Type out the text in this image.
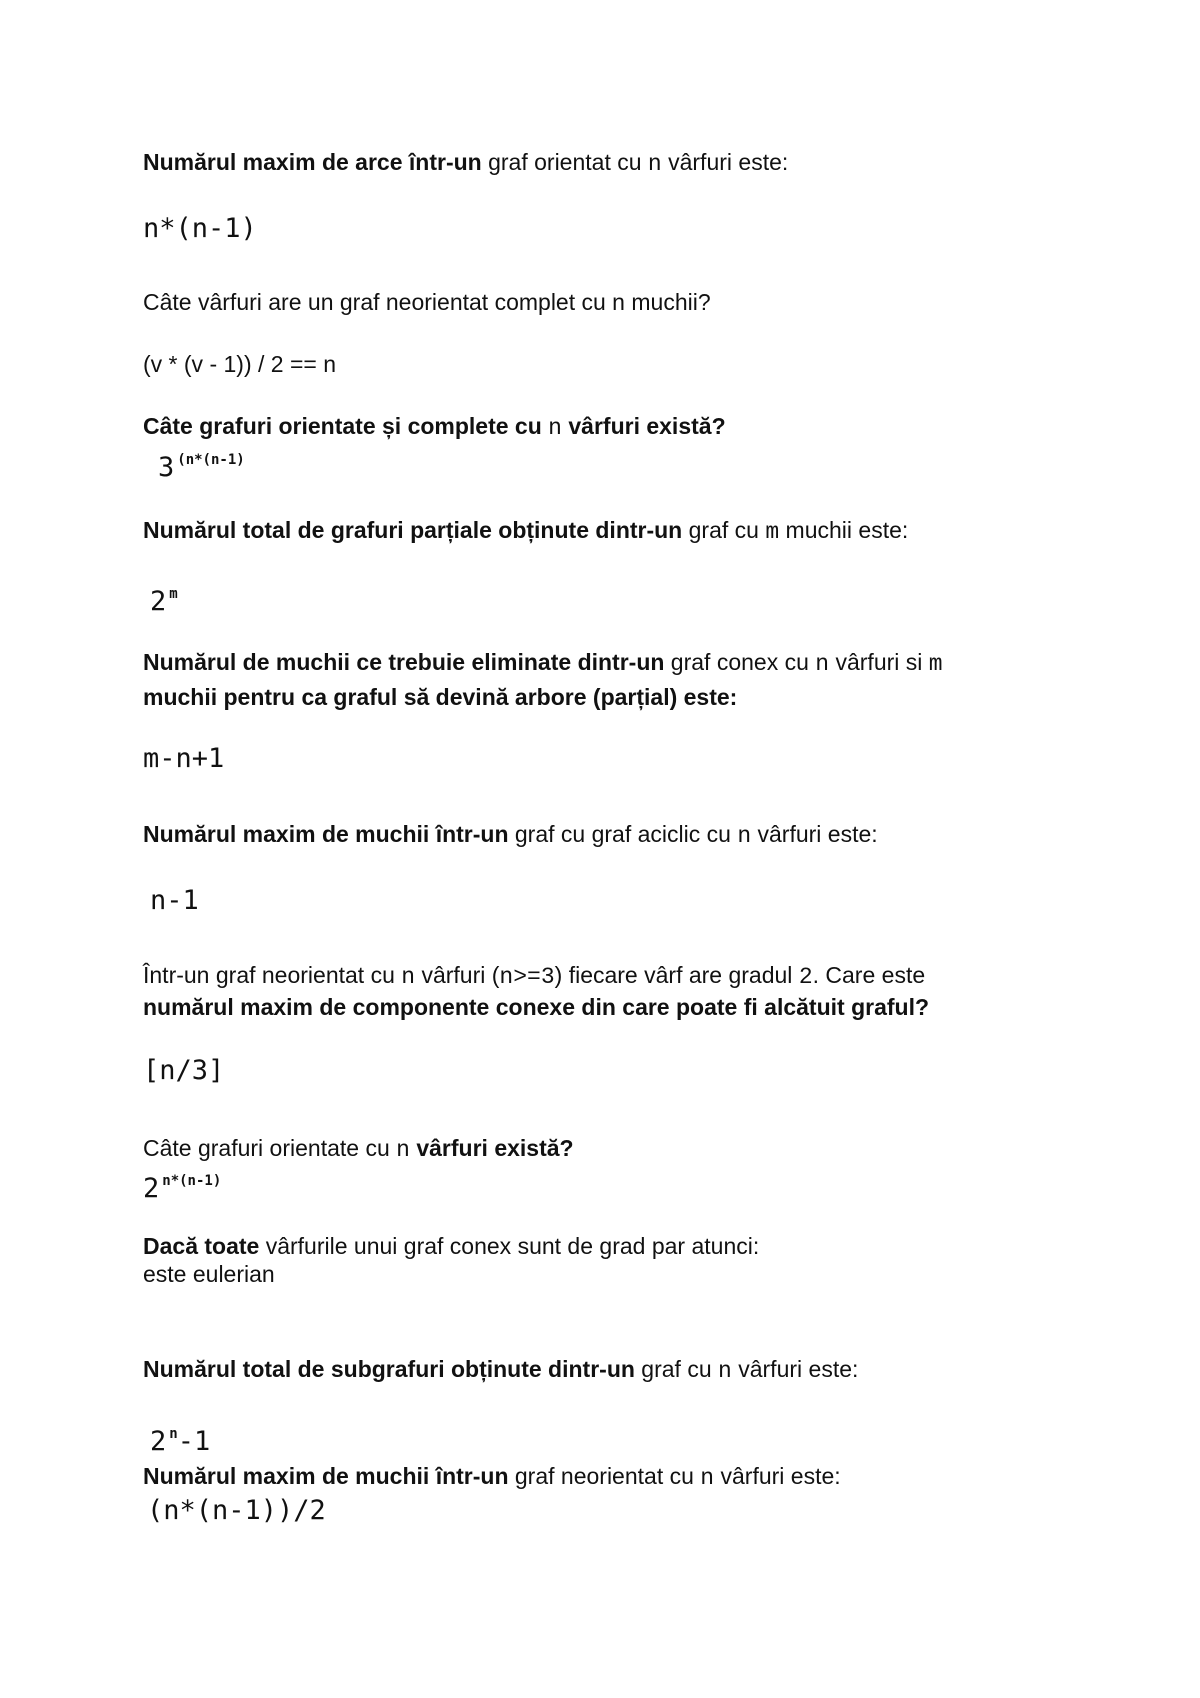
Numărul maxim de arce într-un graf orientat cu n vârfuri este:
n*(n-1)
Câte vârfuri are un graf neorientat complet cu n muchii?
(v * (v - 1)) / 2 == n
Câte grafuri orientate și complete cu n vârfuri există?
3 $^{(n*(n-1)}$
Numărul total de grafuri parțiale obținute dintr-un graf cu m muchii este:
2 $^m$
Numărul de muchii ce trebuie eliminate dintr-un graf conex cu n vârfuri si m
muchii pentru ca graful să devină arbore (parțial) este:
m-n+1
Numărul maxim de muchii într-un graf cu graf aciclic cu n vârfuri este:
n-1
Într-un graf neorientat cu n vârfuri (n>=3) fiecare vârf are gradul 2. Care este
numărul maxim de componente conexe din care poate fi alcătuit graful?
[n/3]
Câte grafuri orientate cu n vârfuri există?
2 $^{n*(n-1)}$
Dacă toate vârfurile unui graf conex sunt de grad par atunci:
este eulerian
Numărul total de subgrafuri obținute dintr-un graf cu n vârfuri este:
2 $^n$-1
Numărul maxim de muchii într-un graf neorientat cu n vârfuri este:
(n*(n-1))/2
